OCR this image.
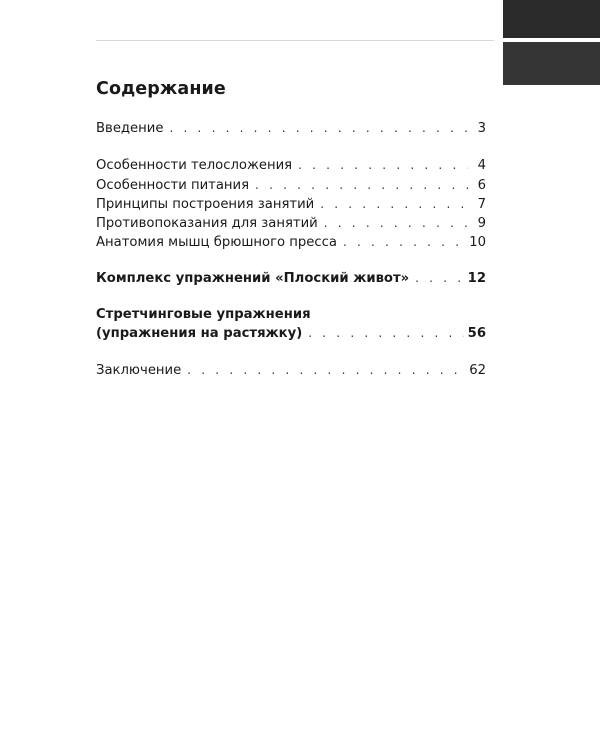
Содержание
Введение . . .	3
Особенности телосложения . . .	4
Особенности питания . . .	6
Принципы построения занятий . . .	7
Противопоказания для занятий . . .	9
Анатомия мышц брюшного пресса . . .	10
Комплекс упражнений «Плоский живот» . . .	12
Стретчинговые упражнения
(упражнения на растяжку) . . .	56
Заключение . . .	62
